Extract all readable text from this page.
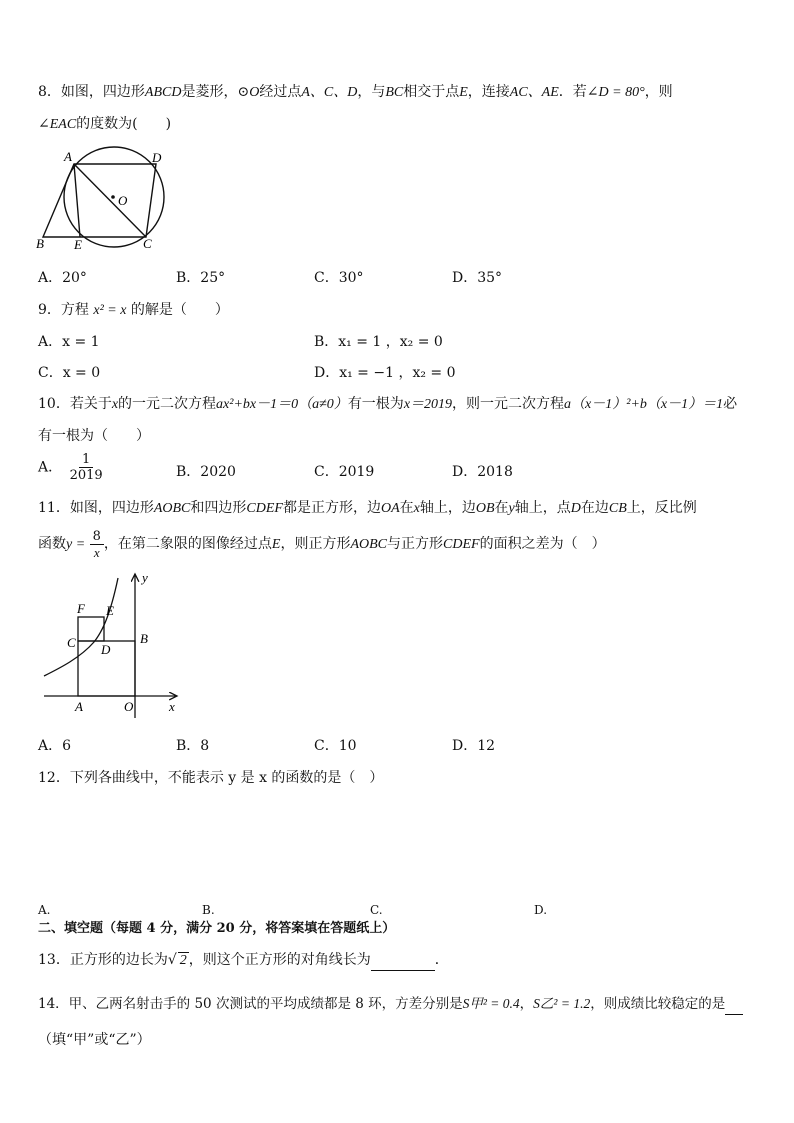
8．如图，四边形ABCD是菱形，⊙O经过点A、C、D，与BC相交于点E，连接AC、AE．若∠D = 80°，则
∠EAC的度数为(　　)
A	D
O
B E	C
A．20°	B．25°	C．30°	D．35°
9．方程 x² = x 的解是（　　）
A．x = 1	B．x₁ = 1 ，x₂ = 0
C．x = 0	D．x₁ = −1 ，x₂ = 0
10．若关于x的一元二次方程ax²+bx－1＝0（a≠0）有一根为x＝2019，则一元二次方程a（x－1）²+b（x－1）＝1必
有一根为（　　）
A． $\frac{1}{2019}$	B．2020	C．2019	D．2018
11．如图，四边形AOBC和四边形CDEF都是正方形，边OA在x轴上，边OB在y轴上，点D在边CB上，反比例
函数$y = \frac{8}{x}$ ，在第二象限的图像经过点E，则正方形AOBC与正方形CDEF的面积之差为（　）
y
F E
C	B
D
A	O	x
A．6	B．8	C．10	D．12
12．下列各曲线中，不能表示 y 是 x 的函数的是（　）
A.	B.	C.	D.
二、填空题（每题 4 分，满分 20 分，将答案填在答题纸上）
13．正方形的边长为√ 2 ，则这个正方形的对角线长为	．
14．甲、乙两名射击手的 50 次测试的平均成绩都是 8 环，方差分别是S甲² = 0.4，S乙² = 1.2，则成绩比较稳定的是
（填“甲”或“乙”）
